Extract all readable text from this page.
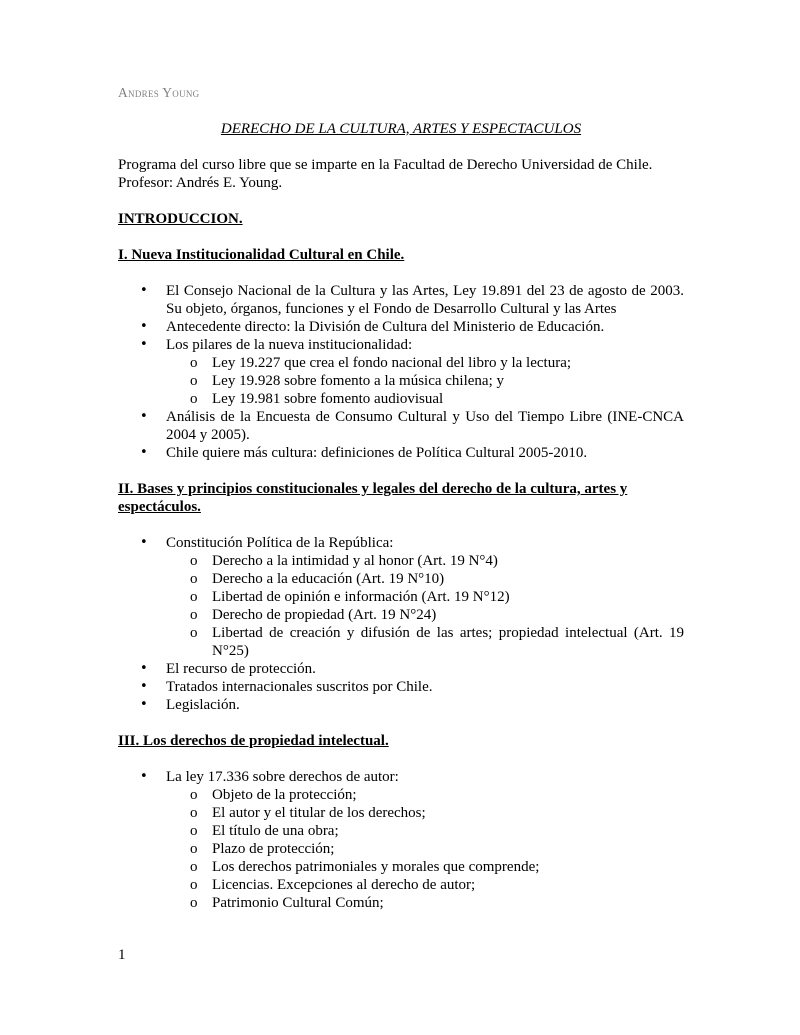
Andres Young

DERECHO DE LA CULTURA, ARTES Y ESPECTACULOS

Programa del curso libre que se imparte en la Facultad de Derecho Universidad de Chile.

Profesor: Andrés E. Young.

INTRODUCCION.
I. Nueva Institucionalidad Cultural en Chile.
• El Consejo Nacional de la Cultura y las Artes, Ley 19.891 del 23 de agosto de 2003. Su objeto, órganos, funciones y el Fondo de Desarrollo Cultural y las Artes
• Antecedente directo: la División de Cultura del Ministerio de Educación.
• Los pilares de la nueva institucionalidad:
o Ley 19.227 que crea el fondo nacional del libro y la lectura;
o Ley 19.928 sobre fomento a la música chilena; y
o Ley 19.981 sobre fomento audiovisual
• Análisis de la Encuesta de Consumo Cultural y Uso del Tiempo Libre (INE-CNCA 2004 y 2005).
• Chile quiere más cultura: definiciones de Política Cultural 2005-2010.
II. Bases y principios constitucionales y legales del derecho de la cultura, artes y espectáculos.
• Constitución Política de la República:
o Derecho a la intimidad y al honor (Art. 19 N°4)
o Derecho a la educación (Art. 19 N°10)
o Libertad de opinión e información (Art. 19 N°12)
o Derecho de propiedad (Art. 19 N°24)
o Libertad de creación y difusión de las artes; propiedad intelectual (Art. 19 N°25)
• El recurso de protección.
• Tratados internacionales suscritos por Chile.
• Legislación.
III. Los derechos de propiedad intelectual.
• La ley 17.336 sobre derechos de autor:
o Objeto de la protección;
o El autor y el titular de los derechos;
o El título de una obra;
o Plazo de protección;
o Los derechos patrimoniales y morales que comprende;
o Licencias. Excepciones al derecho de autor;
o Patrimonio Cultural Común;
1
